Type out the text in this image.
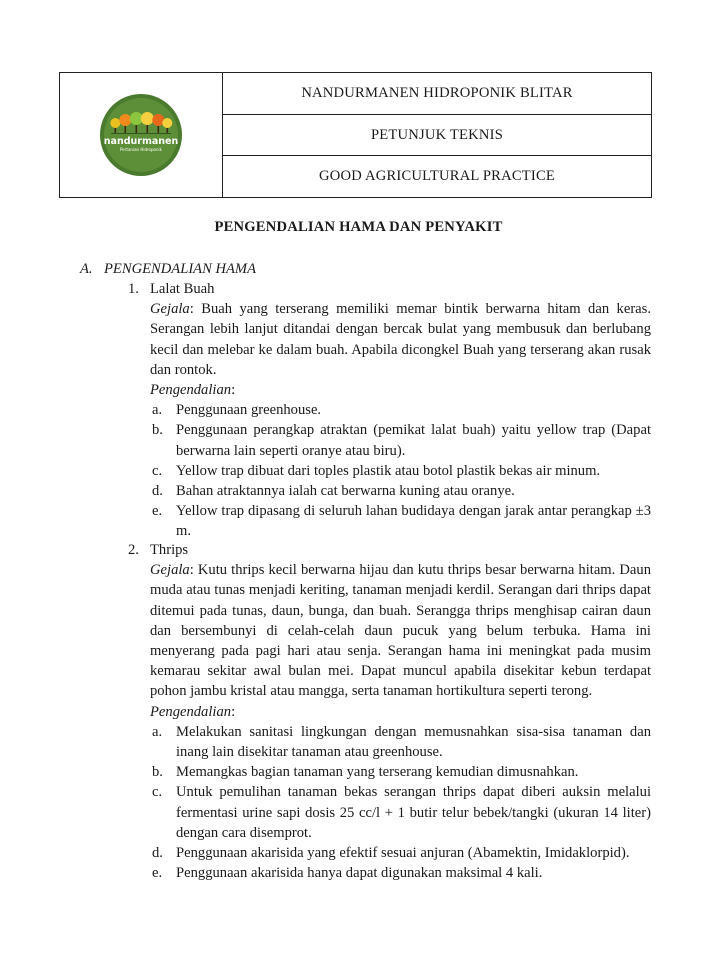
nandurmanen
Pertanian Hidroponik
NANDURMANEN HIDROPONIK BLITAR
PETUNJUK TEKNIS
GOOD AGRICULTURAL PRACTICE
PENGENDALIAN HAMA DAN PENYAKIT
A. PENGENDALIAN HAMA
1. Lalat Buah
Gejala: Buah yang terserang memiliki memar bintik berwarna hitam dan keras. Serangan lebih lanjut ditandai dengan bercak bulat yang membusuk dan berlubang kecil dan melebar ke dalam buah. Apabila dicongkel Buah yang terserang akan rusak dan rontok.
Pengendalian:
a. Penggunaan greenhouse.
b. Penggunaan perangkap atraktan (pemikat lalat buah) yaitu yellow trap (Dapat berwarna lain seperti oranye atau biru).
c. Yellow trap dibuat dari toples plastik atau botol plastik bekas air minum.
d. Bahan atraktannya ialah cat berwarna kuning atau oranye.
e. Yellow trap dipasang di seluruh lahan budidaya dengan jarak antar perangkap ±3 m.
2. Thrips
Gejala: Kutu thrips kecil berwarna hijau dan kutu thrips besar berwarna hitam. Daun muda atau tunas menjadi keriting, tanaman menjadi kerdil. Serangan dari thrips dapat ditemui pada tunas, daun, bunga, dan buah. Serangga thrips menghisap cairan daun dan bersembunyi di celah-celah daun pucuk yang belum terbuka. Hama ini menyerang pada pagi hari atau senja. Serangan hama ini meningkat pada musim kemarau sekitar awal bulan mei. Dapat muncul apabila disekitar kebun terdapat pohon jambu kristal atau mangga, serta tanaman hortikultura seperti terong.
Pengendalian:
a. Melakukan sanitasi lingkungan dengan memusnahkan sisa-sisa tanaman dan inang lain disekitar tanaman atau greenhouse.
b. Memangkas bagian tanaman yang terserang kemudian dimusnahkan.
c. Untuk pemulihan tanaman bekas serangan thrips dapat diberi auksin melalui fermentasi urine sapi dosis 25 cc/l + 1 butir telur bebek/tangki (ukuran 14 liter) dengan cara disemprot.
d. Penggunaan akarisida yang efektif sesuai anjuran (Abamektin, Imidaklorpid).
e. Penggunaan akarisida hanya dapat digunakan maksimal 4 kali.
